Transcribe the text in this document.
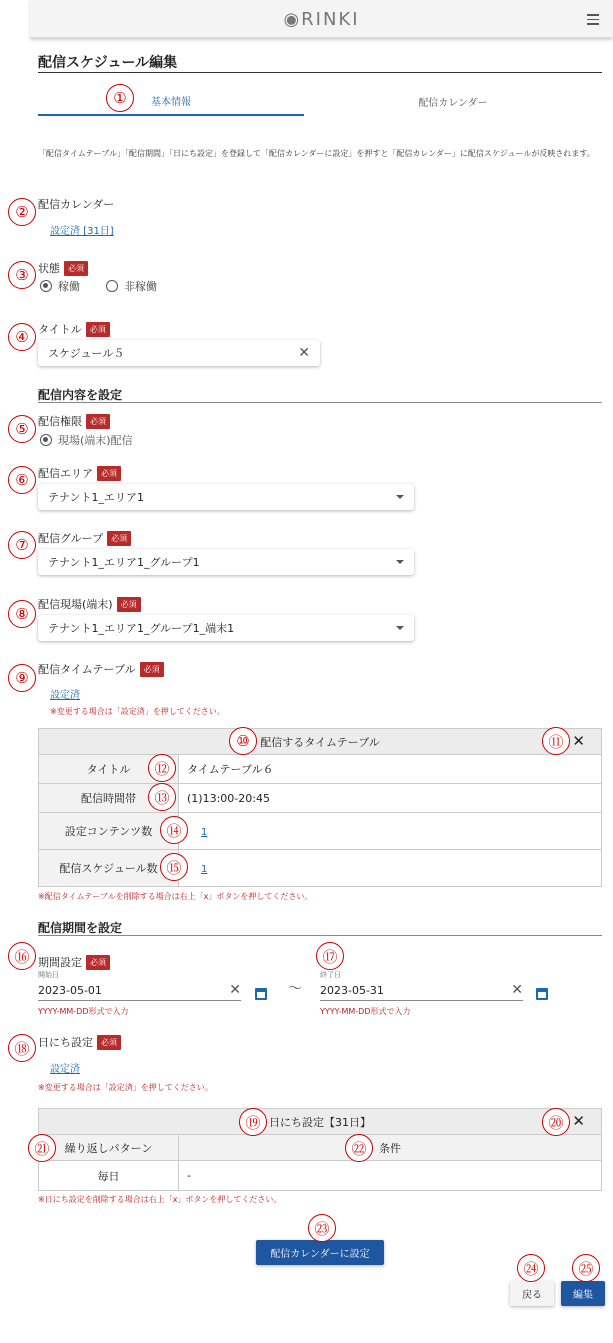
◉RINKI
配信スケジュール編集
基本情報	配信カレンダー
①
「配信タイムテーブル」「配信期間」「日にち設定」を登録して「配信カレンダーに設定」を押すと「配信カレンダー」に配信スケジュールが反映されます。
② 配信カレンダー
設定済 [31日]
③ 状態	必須
稼働	非稼働
④ タイトル	必須
スケジュール５	✕
配信内容を設定
⑤ 配信権限	必須
現場(端末)配信
⑥ 配信エリア	必須
テナント1_エリア1
⑦ 配信グループ	必須
テナント1_エリア1_グループ1
⑧
配信現場(端末)	必須
テナント1_エリア1_グループ1_端末1
⑨ 配信タイムテーブル	必須
設定済
※変更する場合は「設定済」を押してください。
配信するタイムテーブル ✕	

タイトル	タイムテーブル６
配信時間帯	(1)13:00-20:45
設定コンテンツ数	1
配信スケジュール数	1
⑩	⑪
⑫
⑬
⑭
⑮
※配信タイムテーブルを削除する場合は右上「x」ボタンを押してください。
配信期間を設定
⑯ 期間設定	必須
開始日
2023-05-01	✕
YYYY-MM-DD形式で入力
〜
⑰
終了日
2023-05-31	✕
YYYY-MM-DD形式で入力
⑱ 日にち設定	必須
設定済
※変更する場合は「設定済」を押してください。
日にち設定【31日】 ✕	

繰り返しパターン	条件
毎日	-
⑲	⑳
㉑	㉒
※日にち設定を削除する場合は右上「x」ボタンを押してください。
㉓
配信カレンダーに設定
㉔	㉕
戻る	編集
